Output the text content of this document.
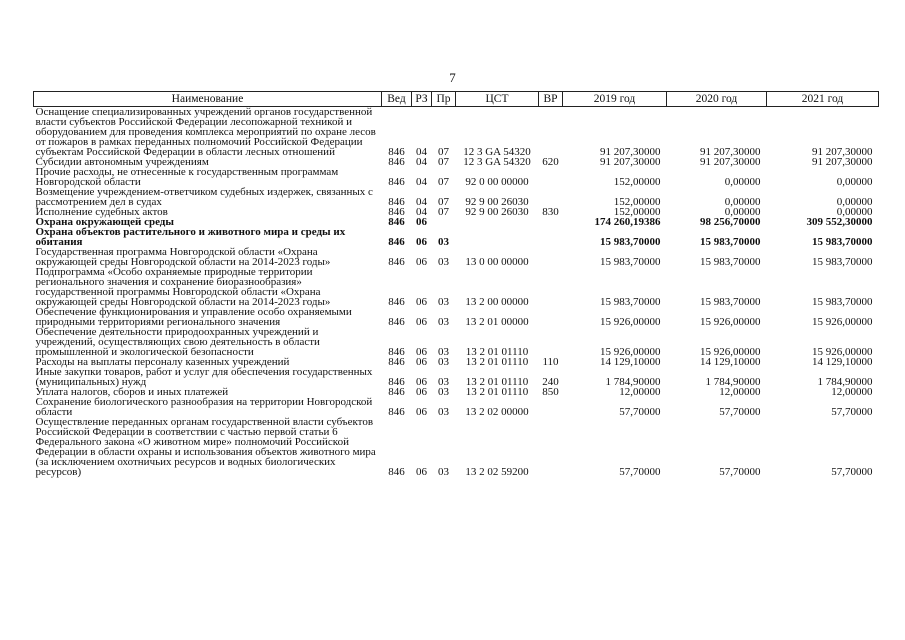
7
Наименование	Вед	РЗ	Пр	ЦСТ	ВР	2019 год	2020 год	2021 год
Оснащение специализированных учреждений органов государственной власти субъектов Российской Федерации лесопожарной техникой и оборудованием для проведения комплекса мероприятий по охране лесов от пожаров в рамках переданных полномочий Российской Федерации субъектам Российской Федерации в области лесных отношений	846	04	07	12 3 GA 54320		91 207,30000	91 207,30000	91 207,30000
Субсидии автономным учреждениям	846	04	07	12 3 GA 54320	620	91 207,30000	91 207,30000	91 207,30000
Прочие расходы, не отнесенные к государственным программам Новгородской области	846	04	07	92 0 00 00000		152,00000	0,00000	0,00000
Возмещение учреждением-ответчиком судебных издержек, связанных с рассмотрением дел в судах	846	04	07	92 9 00 26030		152,00000	0,00000	0,00000
Исполнение судебных актов	846	04	07	92 9 00 26030	830	152,00000	0,00000	0,00000
Охрана окружающей среды	846	06				174 260,19386	98 256,70000	309 552,30000
Охрана объектов растительного и животного мира и среды их обитания	846	06	03			15 983,70000	15 983,70000	15 983,70000
Государственная программа Новгородской области «Охрана окружающей среды Новгородской области на 2014-2023 годы»	846	06	03	13 0 00 00000		15 983,70000	15 983,70000	15 983,70000
Подпрограмма «Особо охраняемые природные территории регионального значения и сохранение биоразнообразия» государственной программы Новгородской области «Охрана окружающей среды Новгородской области на 2014-2023 годы»	846	06	03	13 2 00 00000		15 983,70000	15 983,70000	15 983,70000
Обеспечение функционирования и управление особо охраняемыми природными территориями регионального значения	846	06	03	13 2 01 00000		15 926,00000	15 926,00000	15 926,00000
Обеспечение деятельности природоохранных учреждений и учреждений, осуществляющих свою деятельность в области промышленной и экологической безопасности	846	06	03	13 2 01 01110		15 926,00000	15 926,00000	15 926,00000
Расходы на выплаты персоналу казенных учреждений	846	06	03	13 2 01 01110	110	14 129,10000	14 129,10000	14 129,10000
Иные закупки товаров, работ и услуг для обеспечения государственных (муниципальных) нужд	846	06	03	13 2 01 01110	240	1 784,90000	1 784,90000	1 784,90000
Уплата налогов, сборов и иных платежей	846	06	03	13 2 01 01110	850	12,00000	12,00000	12,00000
Сохранение биологического разнообразия на территории Новгородской области	846	06	03	13 2 02 00000		57,70000	57,70000	57,70000
Осуществление переданных органам государственной власти субъектов Российской Федерации в соответствии с частью первой статьи 6 Федерального закона «О животном мире» полномочий Российской Федерации в области охраны и использования объектов животного мира (за исключением охотничьих ресурсов и водных биологических ресурсов)	846	06	03	13 2 02 59200		57,70000	57,70000	57,70000
